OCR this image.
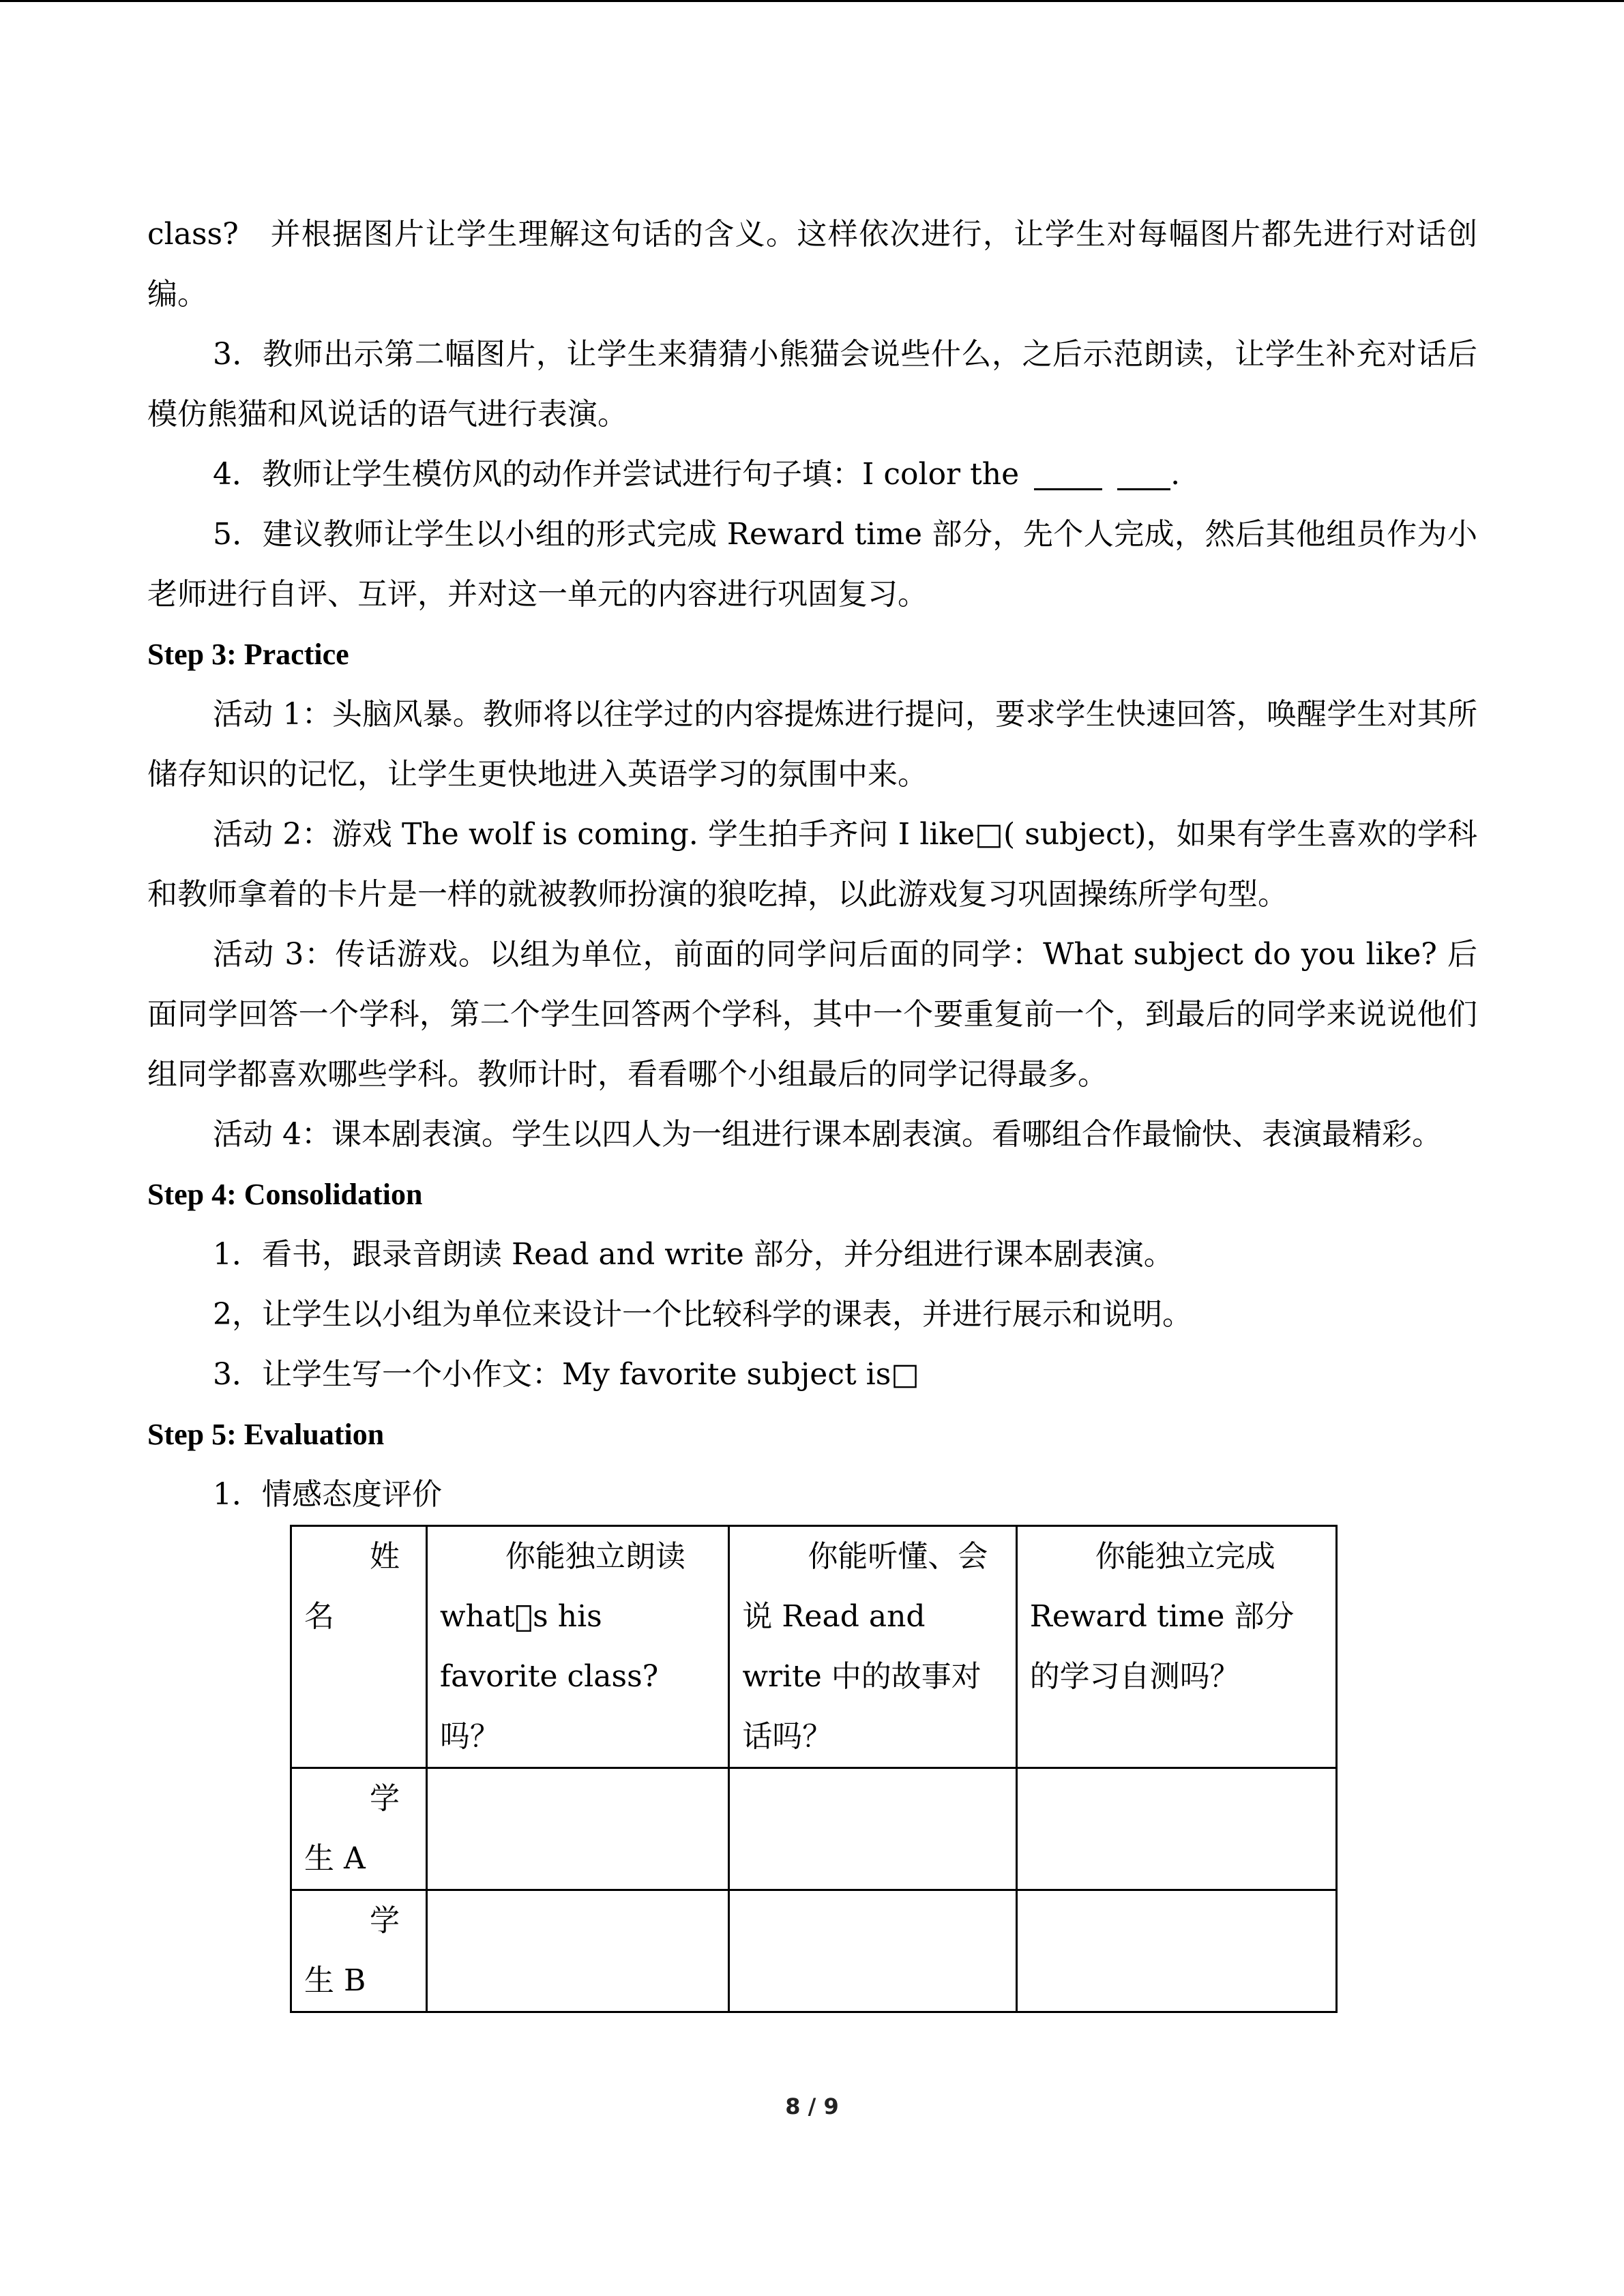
class?　并根据图片让学生理解这句话的含义。这样依次进行，让学生对每幅图片都先进行对话创编。

3．教师出示第二幅图片，让学生来猜猜小熊猫会说些什么，之后示范朗读，让学生补充对话后模仿熊猫和风说话的语气进行表演。

4．教师让学生模仿风的动作并尝试进行句子填：I color the	.

5．建议教师让学生以小组的形式完成 Reward time 部分，先个人完成，然后其他组员作为小老师进行自评、互评，并对这一单元的内容进行巩固复习。

Step 3: Practice

活动 1：头脑风暴。教师将以往学过的内容提炼进行提问，要求学生快速回答，唤醒学生对其所储存知识的记忆，让学生更快地进入英语学习的氛围中来。

活动 2：游戏 The wolf is coming. 学生拍手齐问 I like□( subject)，如果有学生喜欢的学科和教师拿着的卡片是一样的就被教师扮演的狼吃掉，以此游戏复习巩固操练所学句型。

活动 3：传话游戏。以组为单位，前面的同学问后面的同学：What subject do you like? 后面同学回答一个学科，第二个学生回答两个学科，其中一个要重复前一个，到最后的同学来说说他们组同学都喜欢哪些学科。教师计时，看看哪个小组最后的同学记得最多。

活动 4：课本剧表演。学生以四人为一组进行课本剧表演。看哪组合作最愉快、表演最精彩。

Step 4: Consolidation

1．看书，跟录音朗读 Read and write 部分，并分组进行课本剧表演。

2，让学生以小组为单位来设计一个比较科学的课表，并进行展示和说明。

3．让学生写一个小作文：My favorite subject is□

Step 5: Evaluation

1．情感态度评价

姓名	你能独立朗读 what⃞s his favorite class? 吗？	你能听懂、会说 Read and write 中的故事对话吗？	你能独立完成 Reward time 部分的学习自测吗？

学生 A			

学生 B			

8 / 9
